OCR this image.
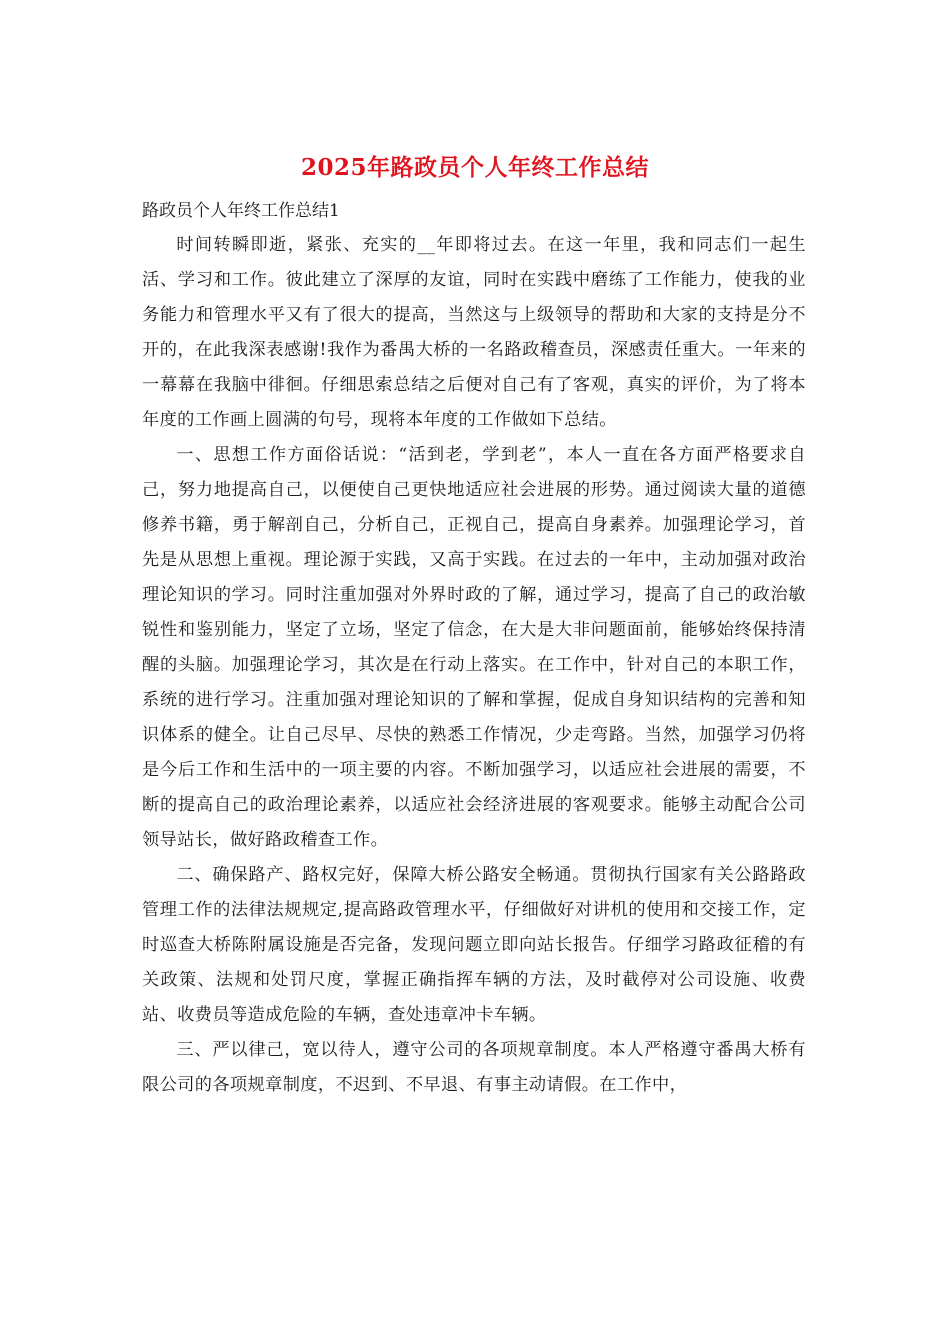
2025年路政员个人年终工作总结
路政员个人年终工作总结1

时间转瞬即逝，紧张、充实的__年即将过去。在这一年里，我和同志们一起生活、学习和工作。彼此建立了深厚的友谊，同时在实践中磨练了工作能力，使我的业务能力和管理水平又有了很大的提高，当然这与上级领导的帮助和大家的支持是分不开的，在此我深表感谢!我作为番禺大桥的一名路政稽查员，深感责任重大。一年来的一幕幕在我脑中徘徊。仔细思索总结之后便对自己有了客观，真实的评价，为了将本年度的工作画上圆满的句号，现将本年度的工作做如下总结。

一、思想工作方面俗话说：“活到老，学到老”，本人一直在各方面严格要求自己，努力地提高自己，以便使自己更快地适应社会进展的形势。通过阅读大量的道德修养书籍，勇于解剖自己，分析自己，正视自己，提高自身素养。加强理论学习，首先是从思想上重视。理论源于实践，又高于实践。在过去的一年中，主动加强对政治理论知识的学习。同时注重加强对外界时政的了解，通过学习，提高了自己的政治敏锐性和鉴别能力，坚定了立场，坚定了信念，在大是大非问题面前，能够始终保持清醒的头脑。加强理论学习，其次是在行动上落实。在工作中，针对自己的本职工作，系统的进行学习。注重加强对理论知识的了解和掌握，促成自身知识结构的完善和知识体系的健全。让自己尽早、尽快的熟悉工作情况，少走弯路。当然，加强学习仍将是今后工作和生活中的一项主要的内容。不断加强学习，以适应社会进展的需要，不断的提高自己的政治理论素养，以适应社会经济进展的客观要求。能够主动配合公司领导站长，做好路政稽查工作。

二、确保路产、路权完好，保障大桥公路安全畅通。贯彻执行国家有关公路路政管理工作的法律法规规定,提高路政管理水平，仔细做好对讲机的使用和交接工作，定时巡查大桥陈附属设施是否完备，发现问题立即向站长报告。仔细学习路政征稽的有关政策、法规和处罚尺度，掌握正确指挥车辆的方法，及时截停对公司设施、收费站、收费员等造成危险的车辆，查处违章冲卡车辆。

三、严以律己，宽以待人，遵守公司的各项规章制度。本人严格遵守番禺大桥有限公司的各项规章制度，不迟到、不早退、有事主动请假。在工作中，
